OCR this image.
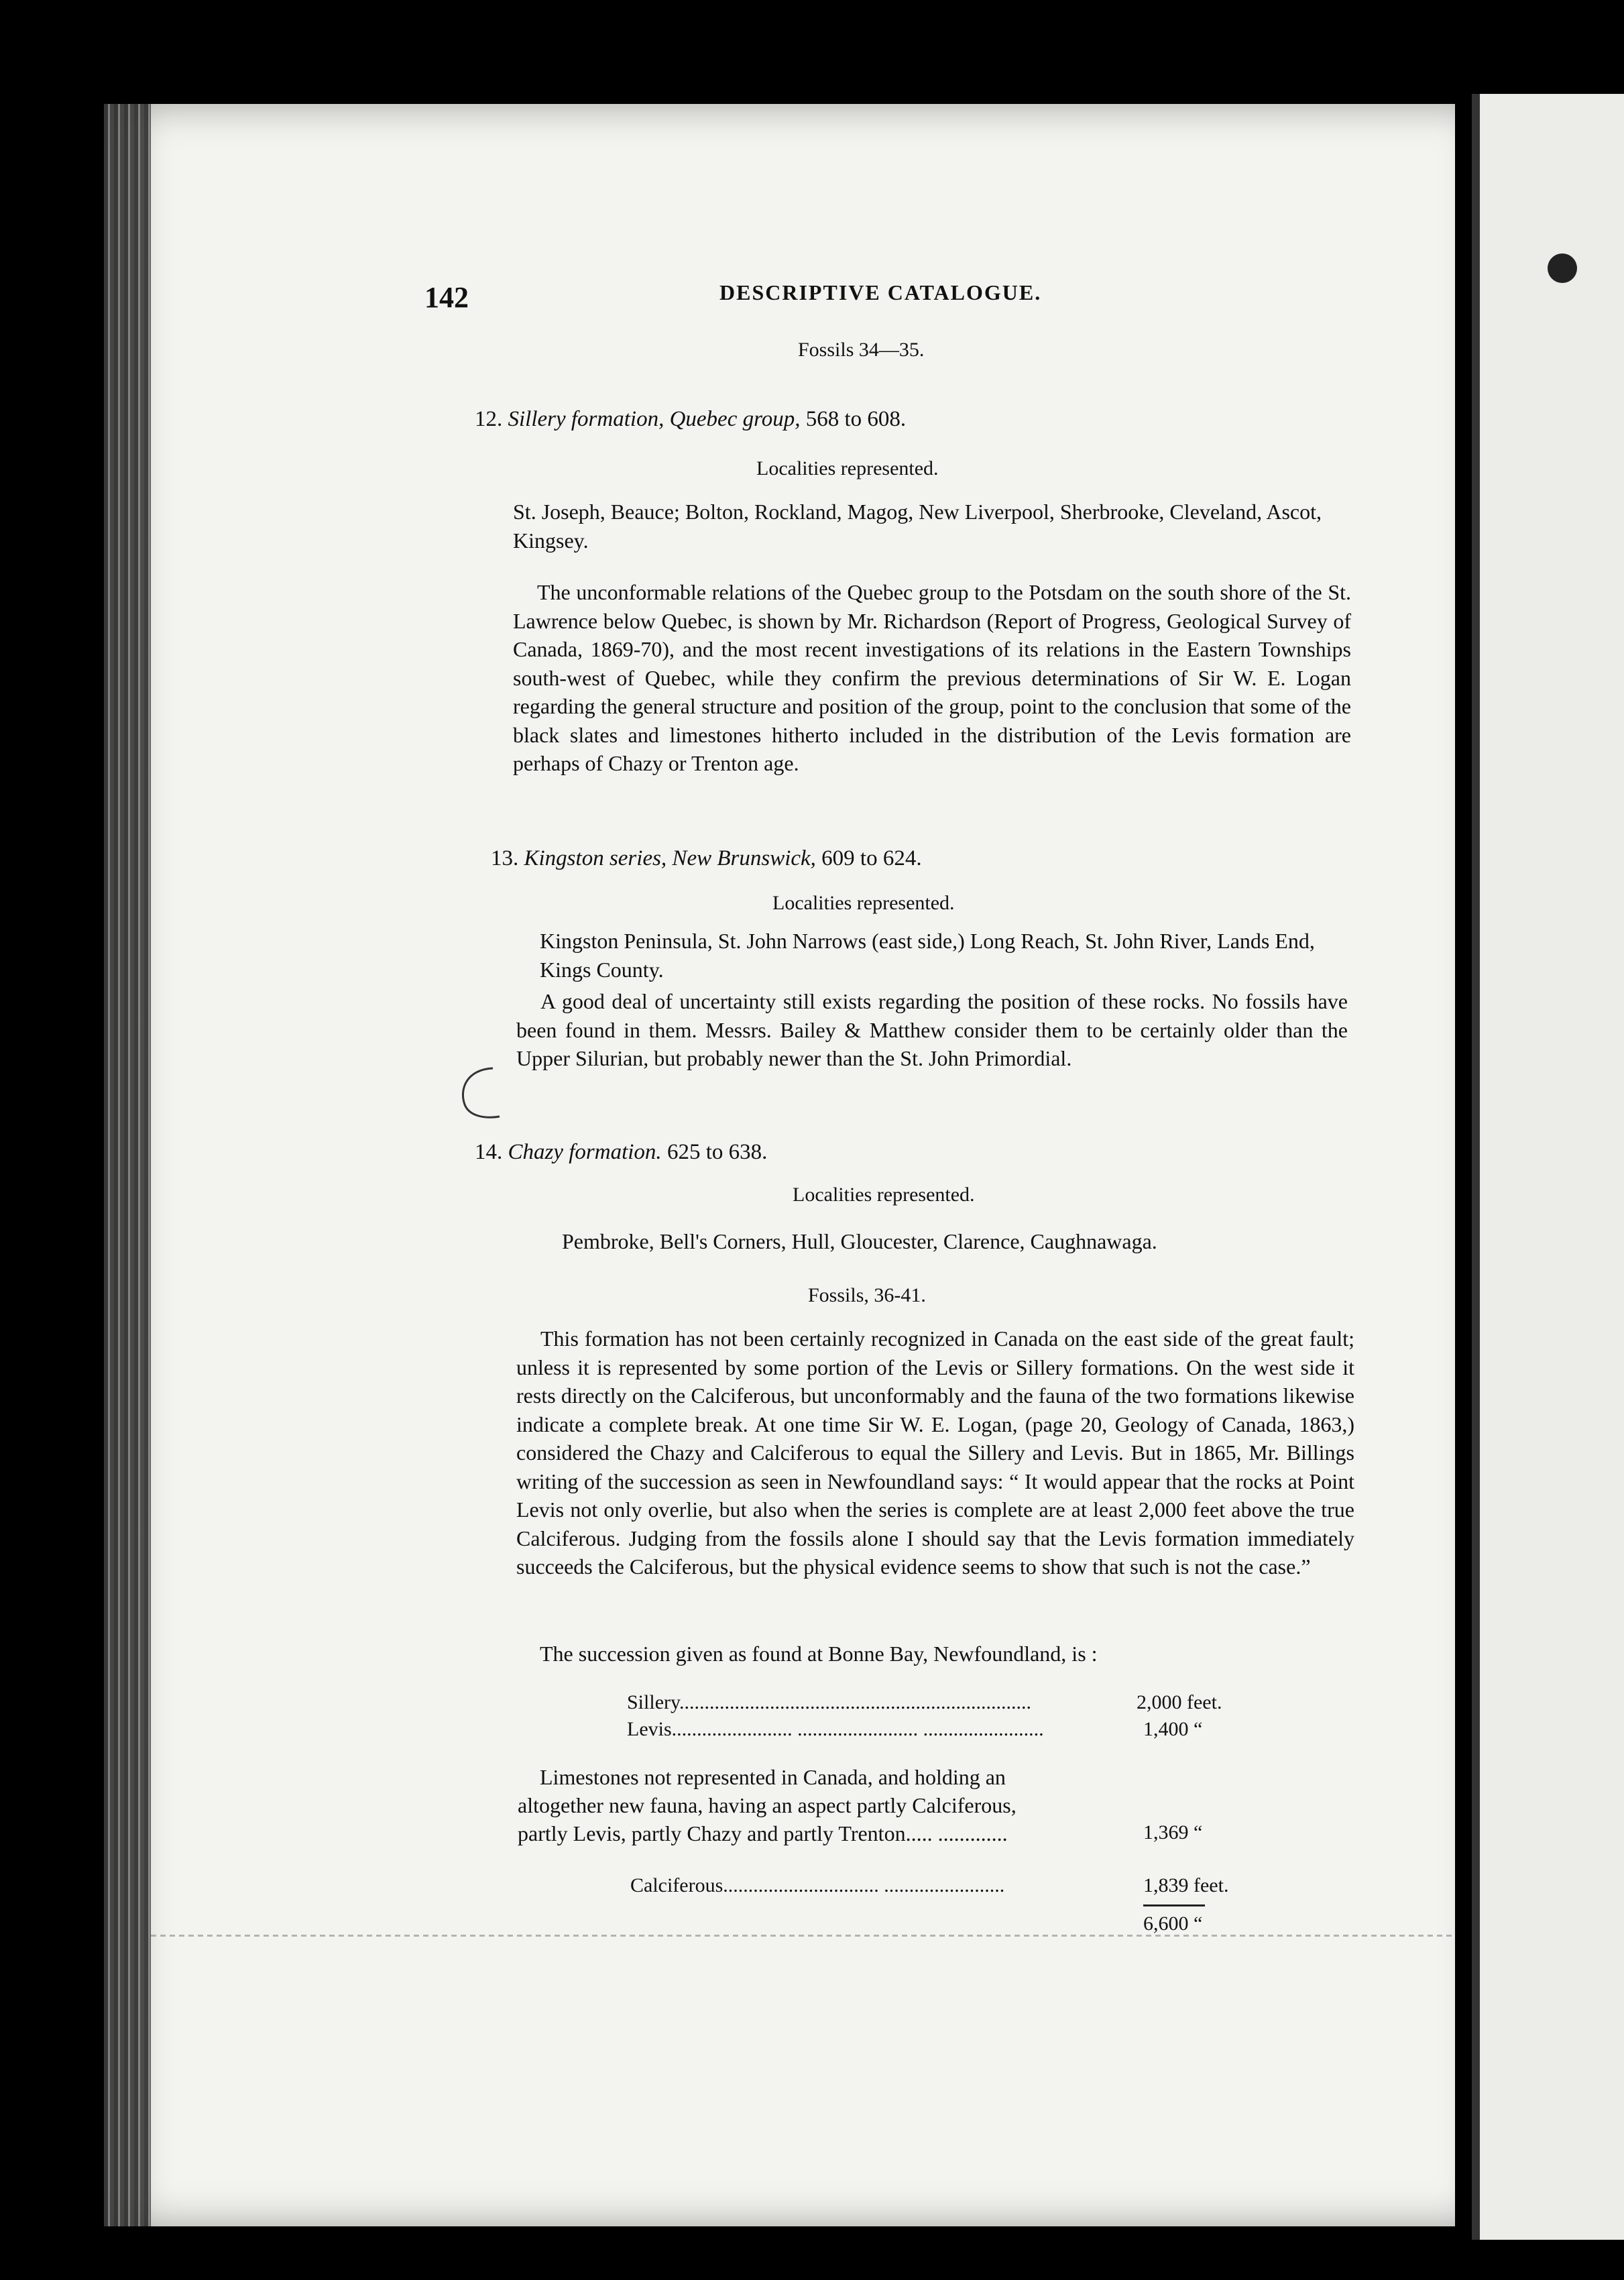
142	DESCRIPTIVE CATALOGUE.
Fossils 34—35.
12. Sillery formation, Quebec group, 568 to 608.
Localities represented.
St. Joseph, Beauce; Bolton, Rockland, Magog, New Liverpool, Sherbrooke, Cleveland, Ascot, Kingsey.
The unconformable relations of the Quebec group to the Potsdam on the south shore of the St. Lawrence below Quebec, is shown by Mr. Richardson (Report of Progress, Geological Survey of Canada, 1869-70), and the most recent investigations of its relations in the Eastern Townships south-west of Quebec, while they confirm the previous determinations of Sir W. E. Logan regarding the general structure and position of the group, point to the conclusion that some of the black slates and limestones hitherto included in the distribution of the Levis formation are perhaps of Chazy or Trenton age.
13. Kingston series, New Brunswick, 609 to 624.
Localities represented.
Kingston Peninsula, St. John Narrows (east side,) Long Reach, St. John River, Lands End, Kings County.
A good deal of uncertainty still exists regarding the position of these rocks. No fossils have been found in them. Messrs. Bailey & Matthew consider them to be certainly older than the Upper Silurian, but probably newer than the St. John Primordial.
14. Chazy formation. 625 to 638.
Localities represented.
Pembroke, Bell's Corners, Hull, Gloucester, Clarence, Caughnawaga.
Fossils, 36-41.
This formation has not been certainly recognized in Canada on the east side of the great fault; unless it is represented by some portion of the Levis or Sillery formations. On the west side it rests directly on the Calciferous, but unconformably and the fauna of the two formations likewise indicate a complete break. At one time Sir W. E. Logan, (page 20, Geology of Canada, 1863,) considered the Chazy and Calciferous to equal the Sillery and Levis. But in 1865, Mr. Billings writing of the succession as seen in Newfoundland says: “ It would appear that the rocks at Point Levis not only overlie, but also when the series is complete are at least 2,000 feet above the true Calciferous. Judging from the fossils alone I should say that the Levis formation immediately succeeds the Calciferous, but the physical evidence seems to show that such is not the case.”
The succession given as found at Bonne Bay, Newfoundland, is :
Sillery......................................................................	2,000 feet.
Levis........................ ........................ ........................	1,400 “
Limestones not represented in Canada, and holding an
altogether new fauna, having an aspect partly Calciferous,
partly Levis, partly Chazy and partly Trenton..... .............	1,369 “
Calciferous............................... ........................	1,839 feet.
6,600 “
